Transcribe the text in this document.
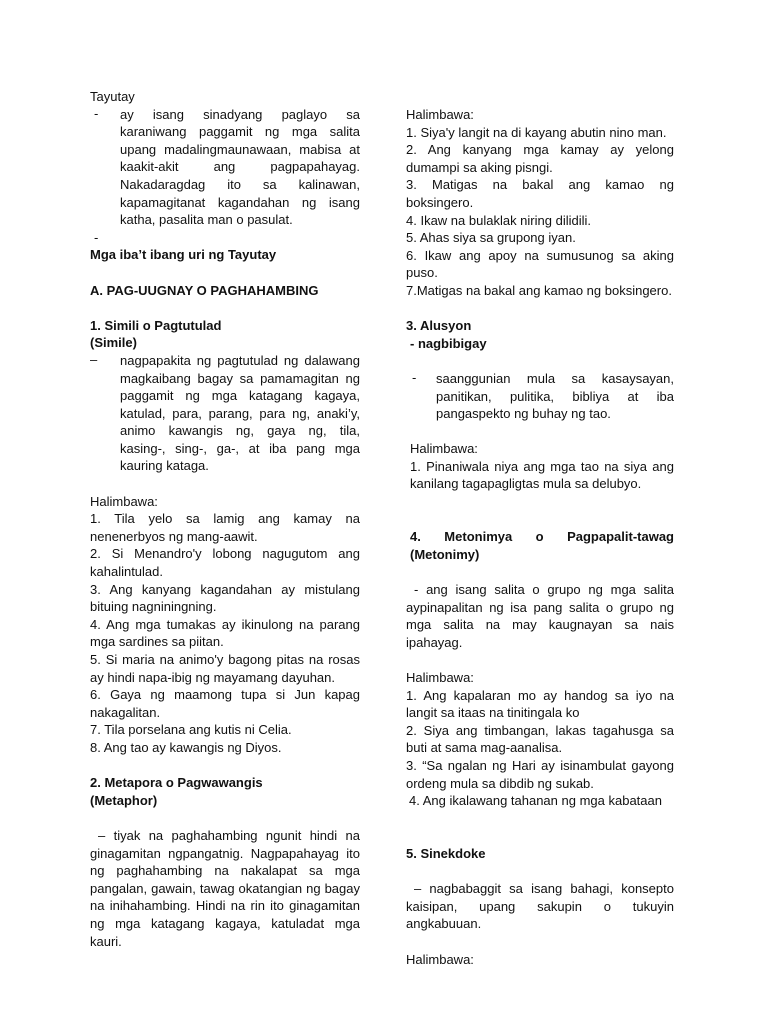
Tayutay
-	ay isang sinadyang paglayo sa karaniwang paggamit ng mga salita upang madalingmaunawaan, mabisa at kaakit-akit ang pagpapahayag. Nakadaragdag ito sa kalinawan, kapamagitanat kagandahan ng isang katha, pasalita man o pasulat.
-
Mga iba’t ibang uri ng Tayutay
A. PAG-UUGNAY O PAGHAHAMBING
1. Simili o Pagtutulad
(Simile)
–	nagpapakita ng pagtutulad ng dalawang magkaibang bagay sa pamamagitan ng paggamit ng mga katagang kagaya, katulad, para, parang, para ng, anaki’y, animo kawangis ng, gaya ng, tila, kasing-, sing-, ga-, at iba pang mga kauring kataga.
Halimbawa:
1. Tila yelo sa lamig ang kamay na nenenerbyos ng mang-aawit.
2. Si Menandro'y lobong nagugutom ang kahalintulad.
3. Ang kanyang kagandahan ay mistulang bituing nagniningning.
4. Ang mga tumakas ay ikinulong na parang mga sardines sa piitan.
5. Si maria na animo'y bagong pitas na rosas ay hindi napa-ibig ng mayamang dayuhan.
6. Gaya ng maamong tupa si Jun kapag nakagalitan.
7. Tila porselana ang kutis ni Celia.
8. Ang tao ay kawangis ng Diyos.
2. Metapora o Pagwawangis
(Metaphor)
– tiyak na paghahambing ngunit hindi na ginagamitan ngpangatnig. Nagpapahayag ito ng paghahambing na nakalapat sa mga pangalan, gawain, tawag okatangian ng bagay na inihahambing. Hindi na rin ito ginagamitan ng mga katagang kagaya, katuladat mga kauri.
Halimbawa:
1. Siya'y langit na di kayang abutin nino man.
2. Ang kanyang mga kamay ay yelong dumampi sa aking pisngi.
3. Matigas na bakal ang kamao ng boksingero.
4. Ikaw na bulaklak niring dilidili.
5. Ahas siya sa grupong iyan.
6. Ikaw ang apoy na sumusunog sa aking puso.
7.Matigas na bakal ang kamao ng boksingero.
3. Alusyon
- nagbibigay
-	saanggunian mula sa kasaysayan, panitikan, pulitika, bibliya at iba pangaspekto ng buhay ng tao.
Halimbawa:
1. Pinaniwala niya ang mga tao na siya ang kanilang tagapagligtas mula sa delubyo.
4. Metonimya o Pagpapalit-tawag
(Metonimy)
- ang isang salita o grupo ng mga salita aypinapalitan ng isa pang salita o grupo ng mga salita na may kaugnayan sa nais ipahayag.
Halimbawa:
1. Ang kapalaran mo ay handog sa iyo na langit sa itaas na tinitingala ko
2. Siya ang timbangan, lakas tagahusga sa buti at sama mag-aanalisa.
3. “Sa ngalan ng Hari ay isinambulat gayong ordeng mula sa dibdib ng sukab.
4. Ang ikalawang tahanan ng mga kabataan
5. Sinekdoke
– nagbabaggit sa isang bahagi, konsepto kaisipan, upang sakupin o tukuyin angkabuuan.
Halimbawa:
